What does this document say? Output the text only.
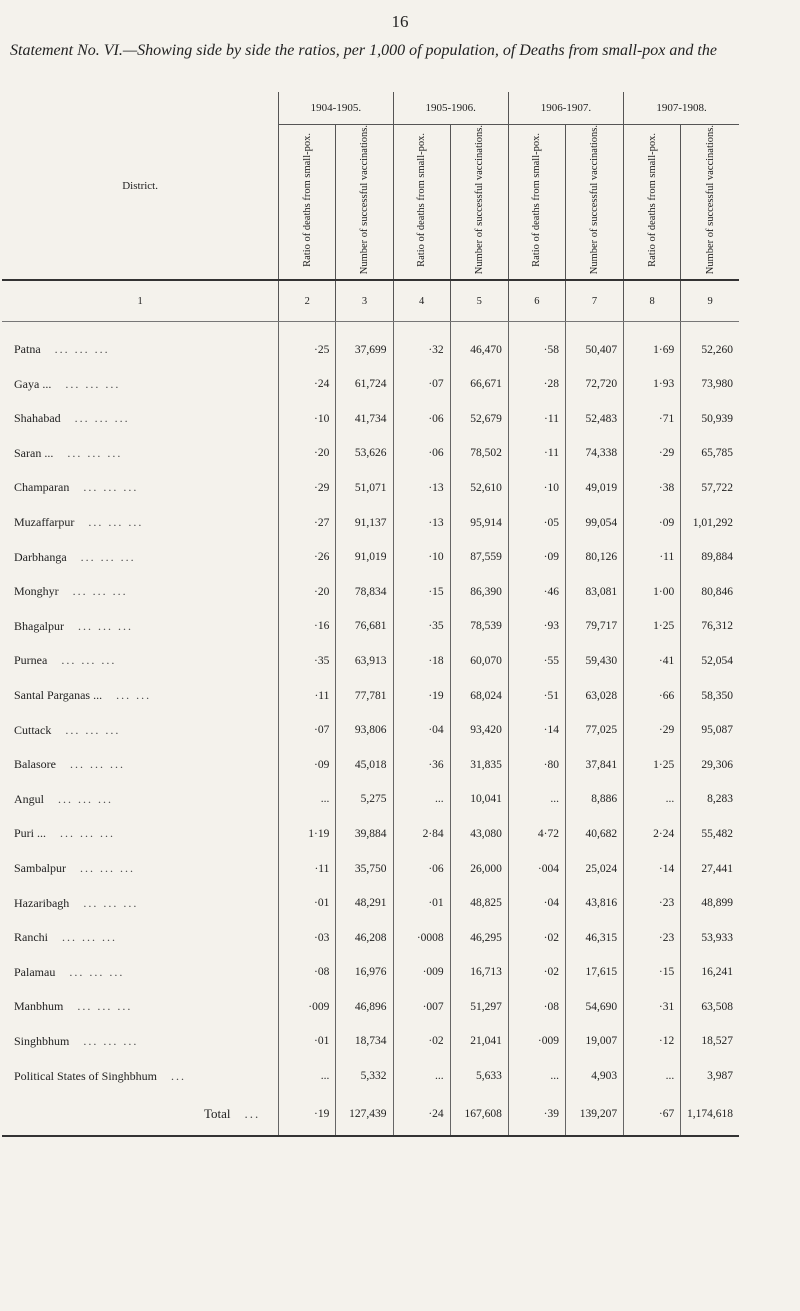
16
Statement No. VI.—Showing side by side the ratios, per 1,000 of population, of Deaths from small-pox and the
District.	1904-1905.		1905-1906.		1906-1907.		1907-1908.	
	Ratio of deaths from small-pox.	Number of successful vaccinations.	Ratio of deaths from small-pox.	Number of successful vaccinations.	Ratio of deaths from small-pox.	Number of successful vaccinations.	Ratio of deaths from small-pox.	Number of successful vaccinations.
1	2	3	4	5	6	7	8	9
Patna ... ... ...	·25	37,699	·32	46,470	·58	50,407	1·69	52,260
Gaya ... ... ... ...	·24	61,724	·07	66,671	·28	72,720	1·93	73,980
Shahabad ... ... ...	·10	41,734	·06	52,679	·11	52,483	·71	50,939
Saran ... ... ... ...	·20	53,626	·06	78,502	·11	74,338	·29	65,785
Champaran ... ... ...	·29	51,071	·13	52,610	·10	49,019	·38	57,722
Muzaffarpur ... ... ...	·27	91,137	·13	95,914	·05	99,054	·09	1,01,292
Darbhanga ... ... ...	·26	91,019	·10	87,559	·09	80,126	·11	89,884
Monghyr ... ... ...	·20	78,834	·15	86,390	·46	83,081	1·00	80,846
Bhagalpur ... ... ...	·16	76,681	·35	78,539	·93	79,717	1·25	76,312
Purnea ... ... ...	·35	63,913	·18	60,070	·55	59,430	·41	52,054
Santal Parganas ... ... ...	·11	77,781	·19	68,024	·51	63,028	·66	58,350
Cuttack ... ... ...	·07	93,806	·04	93,420	·14	77,025	·29	95,087
Balasore ... ... ...	·09	45,018	·36	31,835	·80	37,841	1·25	29,306
Angul ... ... ...	...	5,275	...	10,041	...	8,886	...	8,283
Puri ... ... ... ...	1·19	39,884	2·84	43,080	4·72	40,682	2·24	55,482
Sambalpur ... ... ...	·11	35,750	·06	26,000	·004	25,024	·14	27,441
Hazaribagh ... ... ...	·01	48,291	·01	48,825	·04	43,816	·23	48,899
Ranchi ... ... ...	·03	46,208	·0008	46,295	·02	46,315	·23	53,933
Palamau ... ... ...	·08	16,976	·009	16,713	·02	17,615	·15	16,241
Manbhum ... ... ...	·009	46,896	·007	51,297	·08	54,690	·31	63,508
Singhbhum ... ... ...	·01	18,734	·02	21,041	·009	19,007	·12	18,527
Political States of Singhbhum ...	...	5,332	...	5,633	...	4,903	...	3,987
Total ...	·19	127,439	·24	167,608	·39	139,207	·67	1,174,618
